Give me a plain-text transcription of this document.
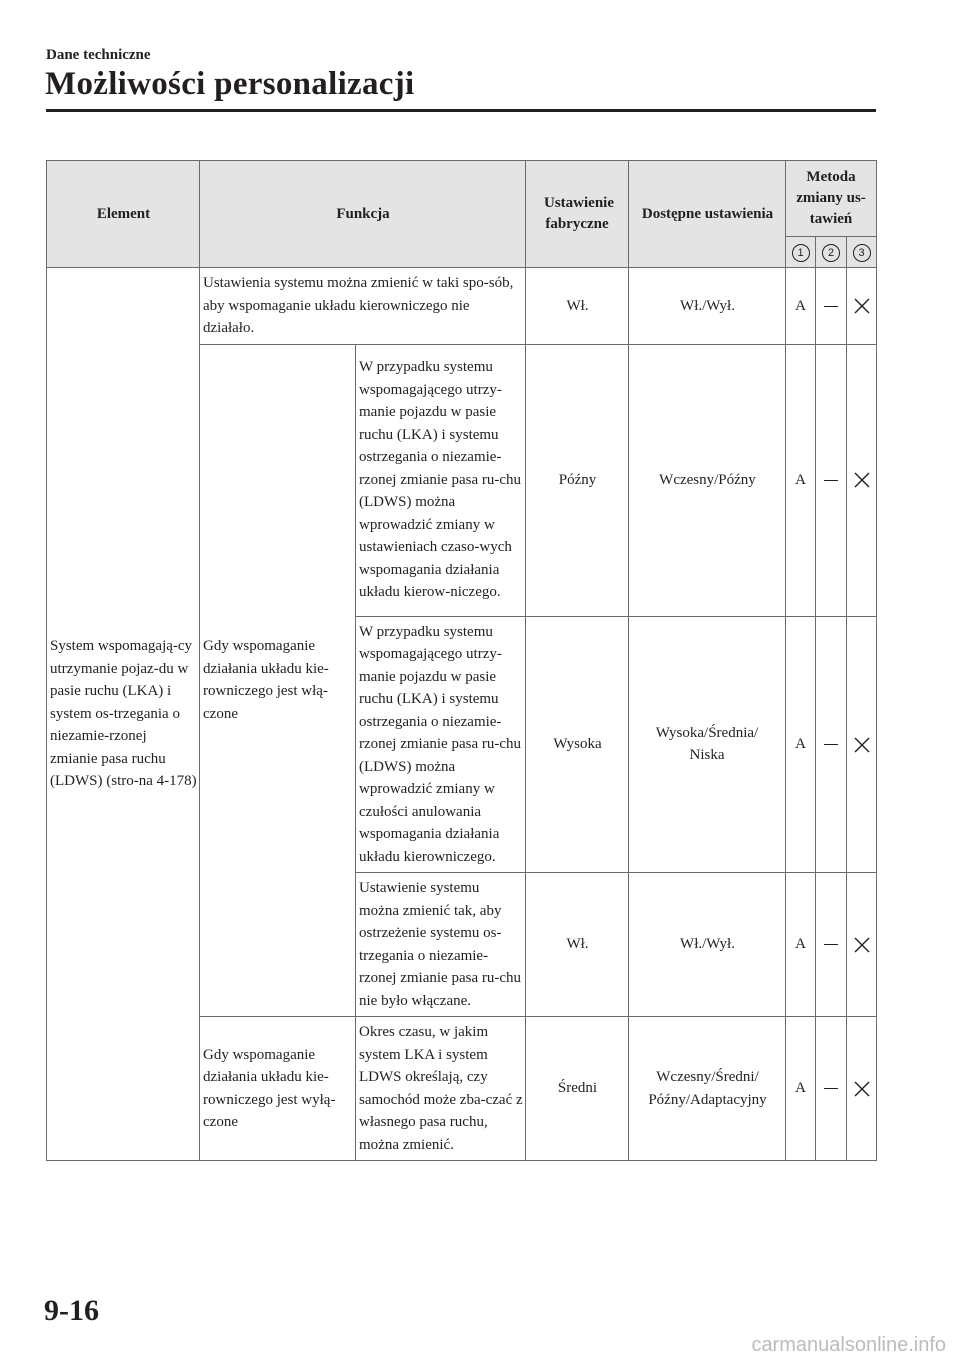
Dane techniczne
Możliwości personalizacji
Element	Funkcja		Ustawienie fabryczne	Dostępne ustawienia	Metoda zmiany us-tawień		
					1	2	3
System wspomagają-cy utrzymanie pojaz-du w pasie ruchu (LKA) i system os-trzegania o niezamie-rzonej zmianie pasa ruchu (LDWS) (stro-na 4-178)	Ustawienia systemu można zmienić w taki spo-sób, aby wspomaganie układu kierowniczego nie działało.		Wł.	Wł./Wył.	A		
	Gdy wspomaganie działania układu kie-rowniczego jest włą-czone	W przypadku systemu wspomagającego utrzy-manie pojazdu w pasie ruchu (LKA) i systemu ostrzegania o niezamie-rzonej zmianie pasa ru-chu (LDWS) można wprowadzić zmiany w ustawieniach czaso-wych wspomagania działania układu kierow-niczego.	Późny	Wczesny/Późny	A		
		W przypadku systemu wspomagającego utrzy-manie pojazdu w pasie ruchu (LKA) i systemu ostrzegania o niezamie-rzonej zmianie pasa ru-chu (LDWS) można wprowadzić zmiany w czułości anulowania wspomagania działania układu kierowniczego.	Wysoka	Wysoka/Średnia/ Niska	A		
		Ustawienie systemu można zmienić tak, aby ostrzeżenie systemu os-trzegania o niezamie-rzonej zmianie pasa ru-chu nie było włączane.	Wł.	Wł./Wył.	A		
	Gdy wspomaganie działania układu kie-rowniczego jest wyłą-czone	Okres czasu, w jakim system LKA i system LDWS określają, czy samochód może zba-czać z własnego pasa ruchu, można zmienić.	Średni	Wczesny/Średni/ Późny/Adaptacyjny	A		
9-16
carmanualsonline.info
